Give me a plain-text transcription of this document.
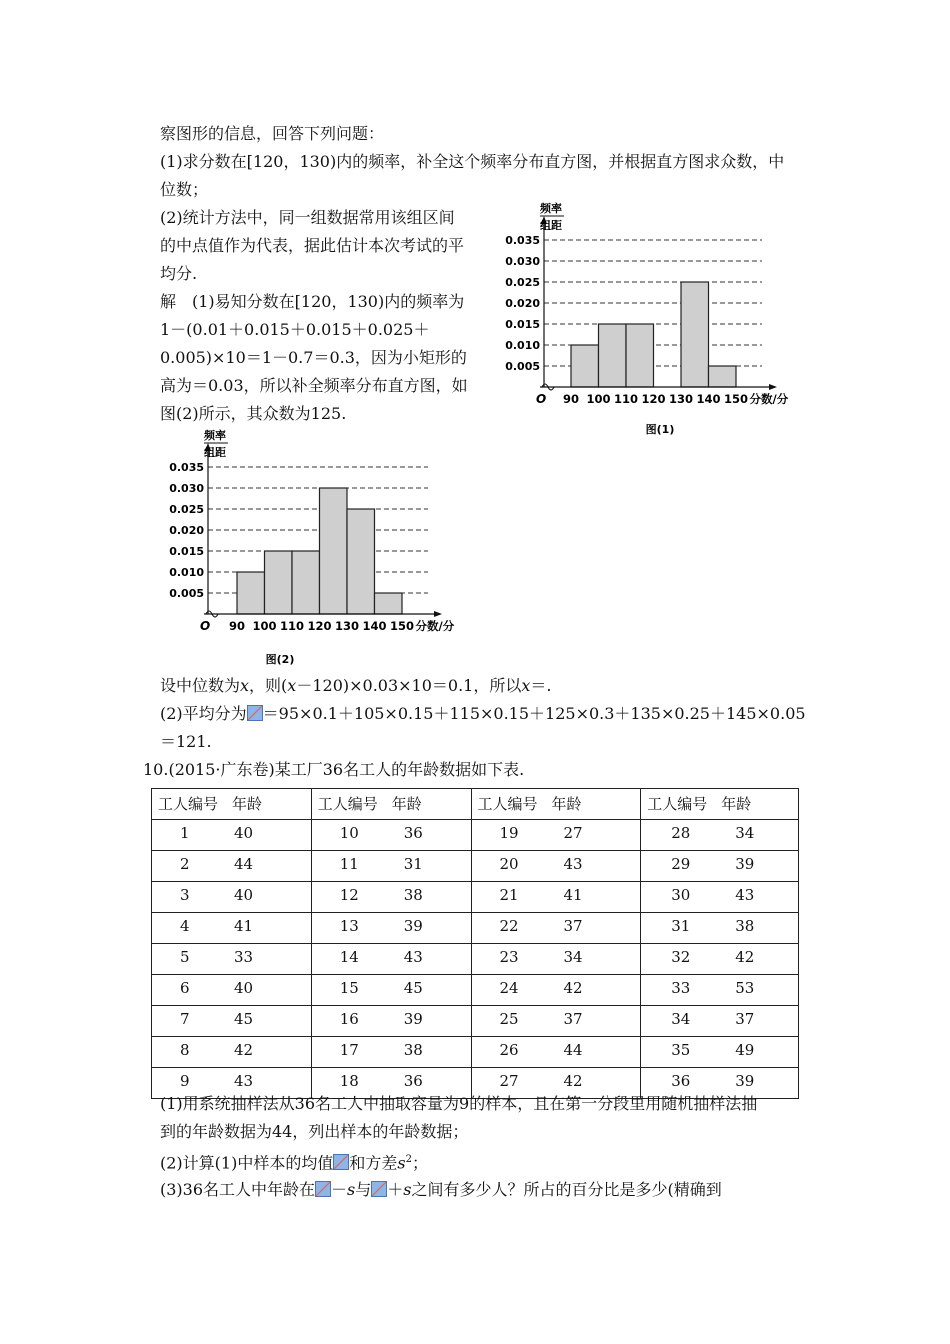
察图形的信息，回答下列问题：
(1)求分数在[120，130)内的频率，补全这个频率分布直方图，并根据直方图求众数，中
位数；
(2)统计方法中，同一组数据常用该组区间
的中点值作为代表，据此估计本次考试的平
均分.
解　(1)易知分数在[120，130)内的频率为
1－(0.01＋0.015＋0.015＋0.025＋
0.005)×10＝1－0.7＝0.3，因为小矩形的
高为＝0.03，所以补全频率分布直方图，如
图(2)所示，其众数为125.
设中位数为x，则(x－120)×0.03×10＝0.1，所以x＝.
(2)平均分为 ＝95×0.1＋105×0.15＋115×0.15＋125×0.3＋135×0.25＋145×0.05
＝121.
10.(2015·广东卷)某工厂36名工人的年龄数据如下表.
0.005
0.010
0.015
0.020
0.025
0.030
0.035
O 90 100 110 120 130 140 150 分数/分
频率
组距
图(1)
0.005
0.010
0.015
0.020
0.025
0.030
0.035
O 90 100 110 120 130 140 150 分数/分
频率
组距
图(2)
工人编号 年龄	工人编号 年龄	工人编号 年龄	工人编号 年龄

1 40	10 36	19 27	28 34

2 44	11 31	20 43	29 39

3 40	12 38	21 41	30 43

4 41	13 39	22 37	31 38

5 33	14 43	23 34	32 42

6 40	15 45	24 42	33 53

7 45	16 39	25 37	34 37

8 42	17 38	26 44	35 49

9 43	18 36	27 42	36 39
(1)用系统抽样法从36名工人中抽取容量为9的样本，且在第一分段里用随机抽样法抽
到的年龄数据为44，列出样本的年龄数据；
(2)计算(1)中样本的均值 和方差$s^2$；
(3)36名工人中年龄在 －s与 ＋s之间有多少人？所占的百分比是多少(精确到
